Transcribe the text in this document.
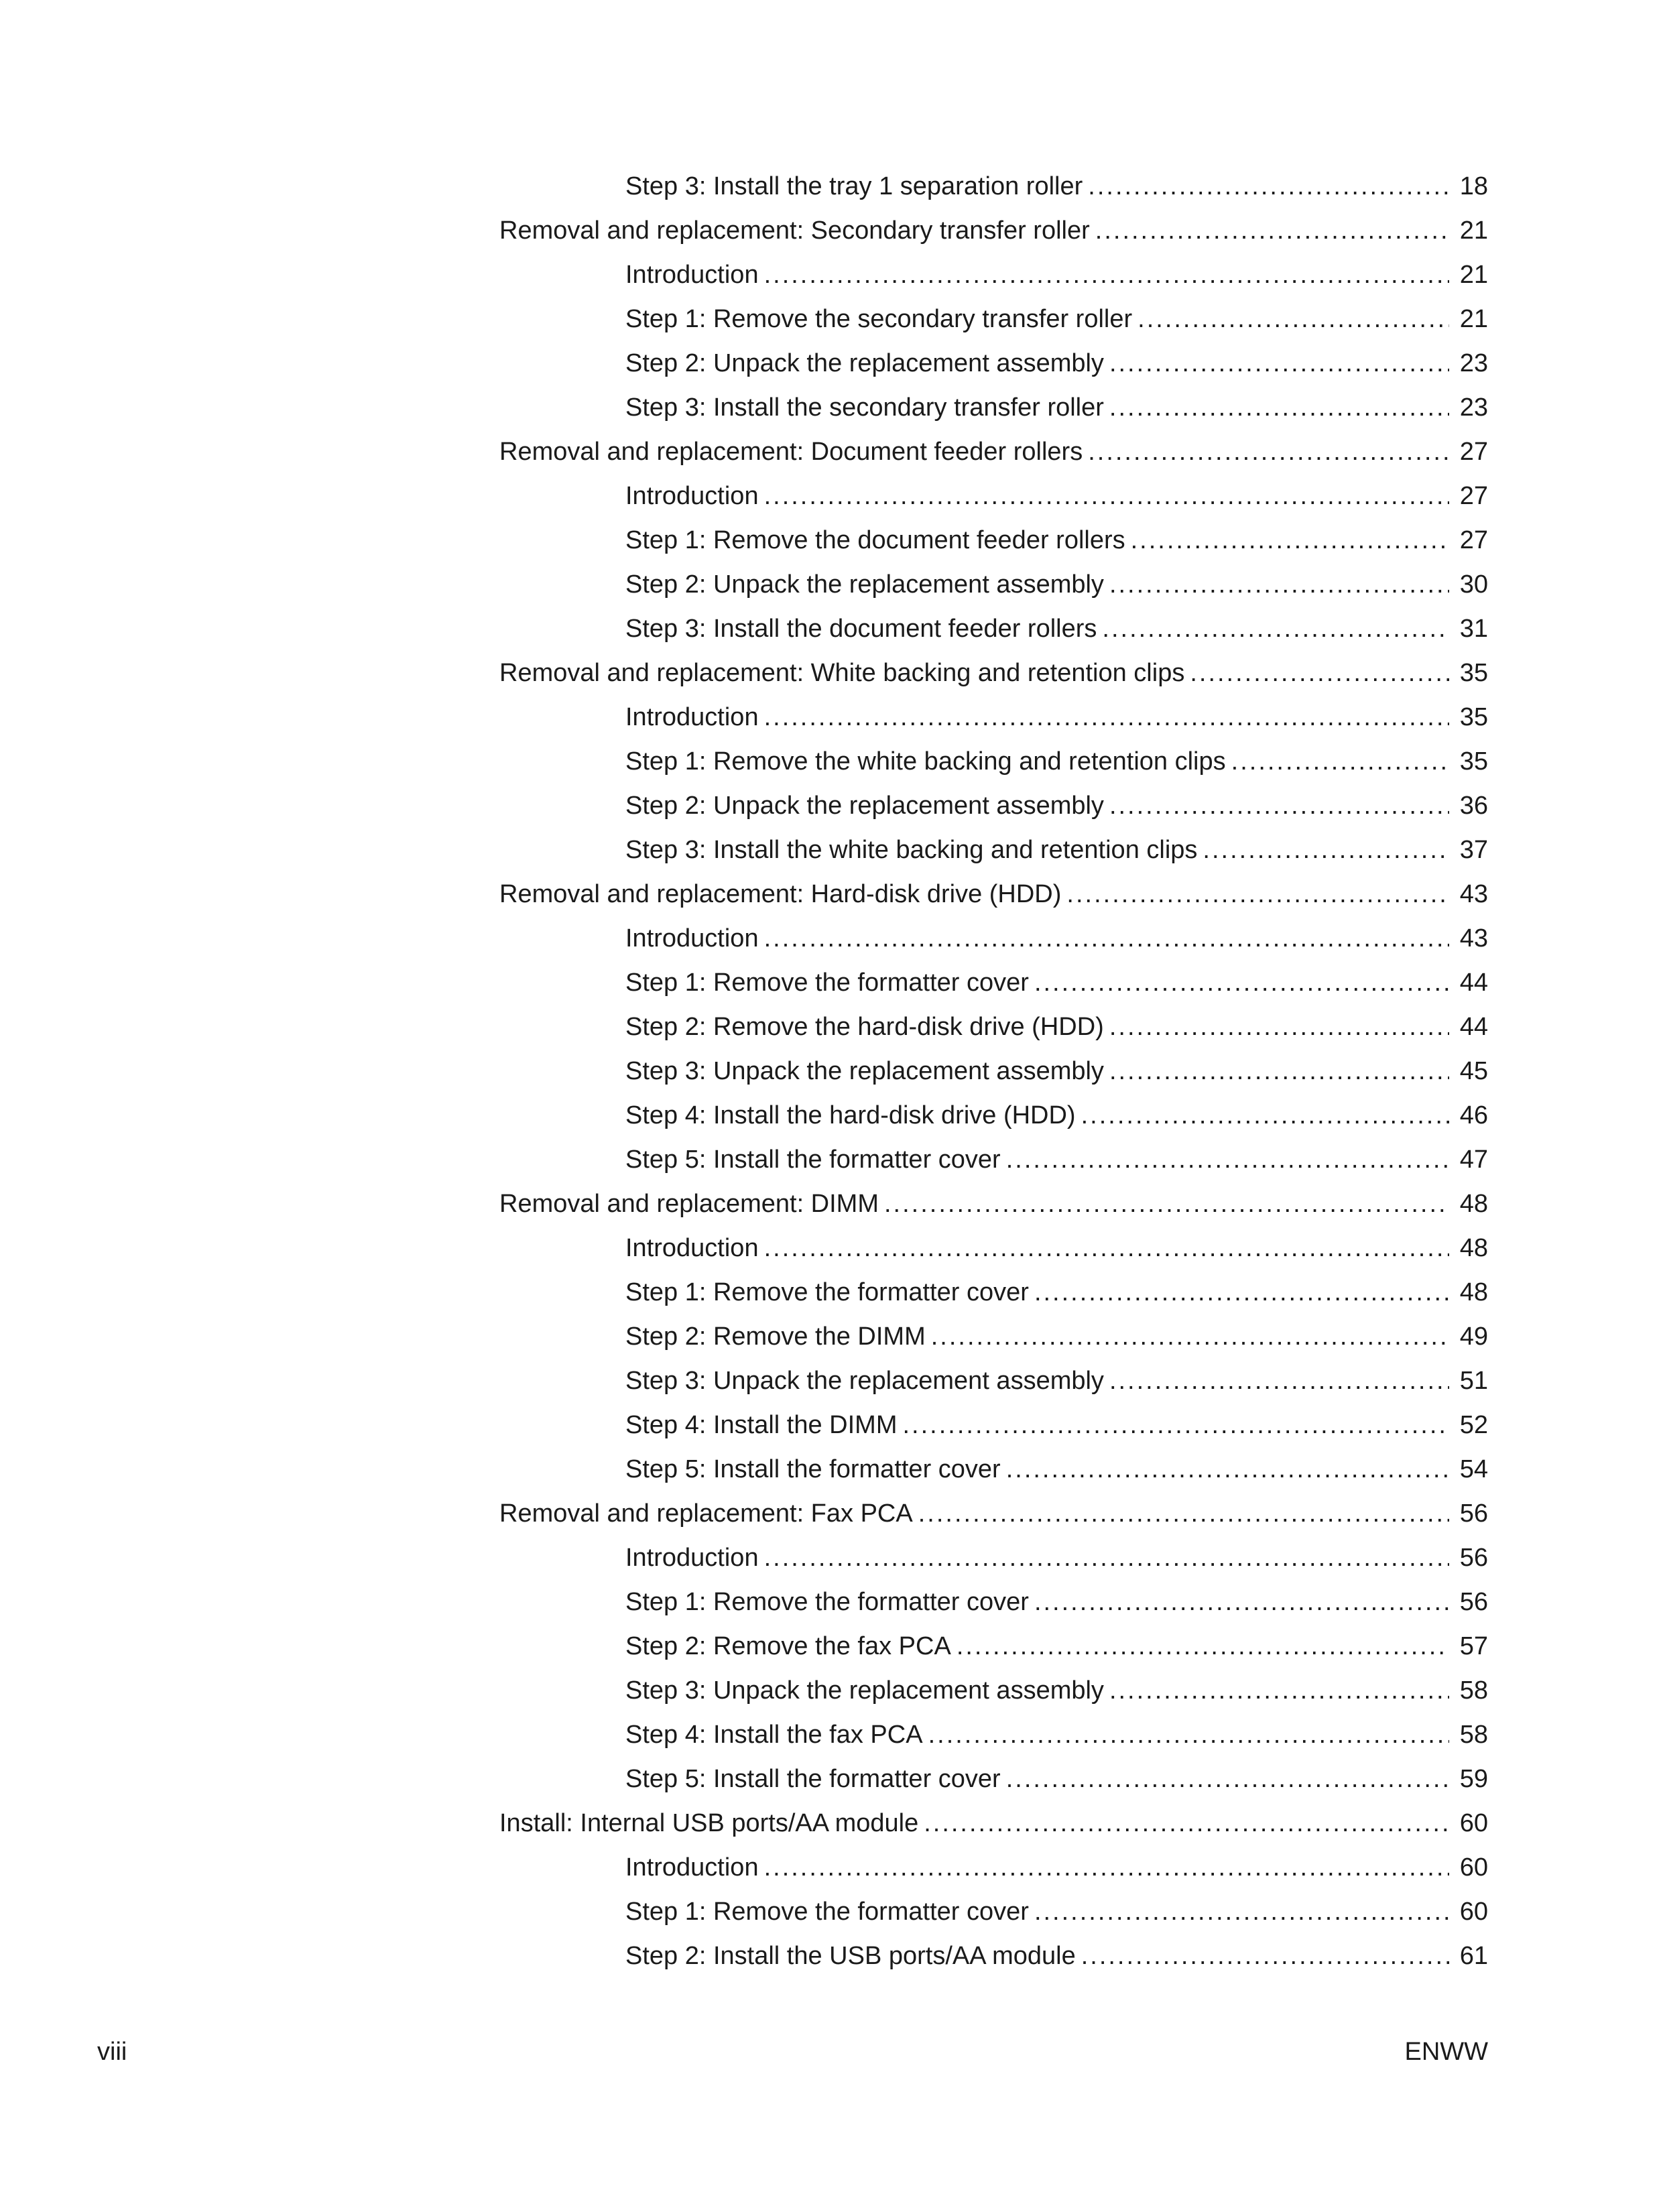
Step 3: Install the tray 1 separation roller .....	18
Removal and replacement: Secondary transfer roller .....	21
Introduction .....	21
Step 1: Remove the secondary transfer roller .....	21
Step 2: Unpack the replacement assembly .....	23
Step 3: Install the secondary transfer roller .....	23
Removal and replacement: Document feeder rollers .....	27
Introduction .....	27
Step 1: Remove the document feeder rollers .....	27
Step 2: Unpack the replacement assembly .....	30
Step 3: Install the document feeder rollers .....	31
Removal and replacement: White backing and retention clips .....	35
Introduction .....	35
Step 1: Remove the white backing and retention clips .....	35
Step 2: Unpack the replacement assembly .....	36
Step 3: Install the white backing and retention clips .....	37
Removal and replacement: Hard-disk drive (HDD) .....	43
Introduction .....	43
Step 1: Remove the formatter cover .....	44
Step 2: Remove the hard-disk drive (HDD) .....	44
Step 3: Unpack the replacement assembly .....	45
Step 4: Install the hard-disk drive (HDD) .....	46
Step 5: Install the formatter cover .....	47
Removal and replacement: DIMM .....	48
Introduction .....	48
Step 1: Remove the formatter cover .....	48
Step 2: Remove the DIMM .....	49
Step 3: Unpack the replacement assembly .....	51
Step 4: Install the DIMM .....	52
Step 5: Install the formatter cover .....	54
Removal and replacement: Fax PCA .....	56
Introduction .....	56
Step 1: Remove the formatter cover .....	56
Step 2: Remove the fax PCA .....	57
Step 3: Unpack the replacement assembly .....	58
Step 4: Install the fax PCA .....	58
Step 5: Install the formatter cover .....	59
Install: Internal USB ports/AA module .....	60
Introduction .....	60
Step 1: Remove the formatter cover .....	60
Step 2: Install the USB ports/AA module .....	61
viii	ENWW
